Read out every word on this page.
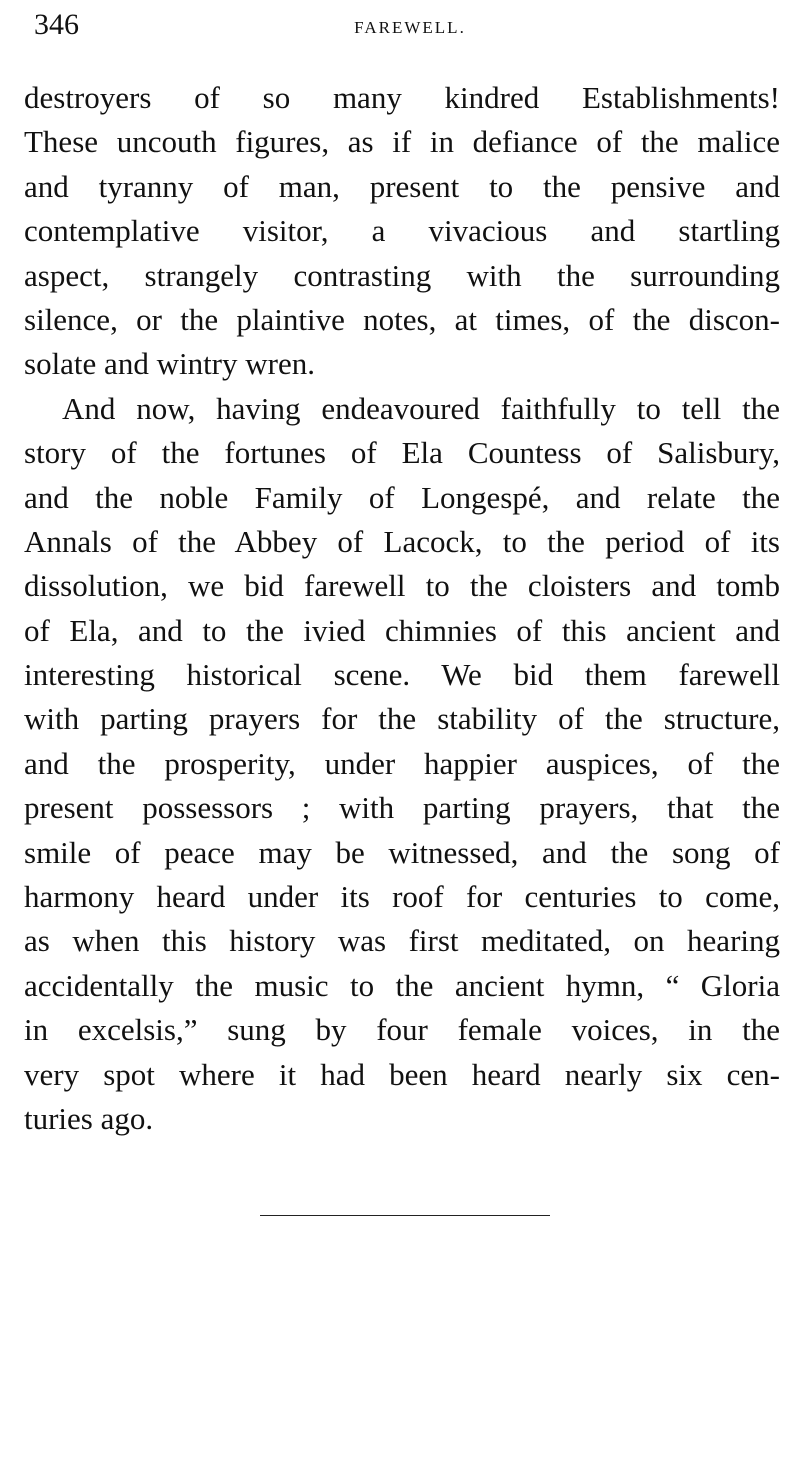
346	FAREWELL.
destroyers of so many kindred Establishments!
These uncouth figures, as if in defiance of the malice
and tyranny of man, present to the pensive and
contemplative visitor, a vivacious and startling
aspect, strangely contrasting with the surrounding
silence, or the plaintive notes, at times, of the discon-
solate and wintry wren.
And now, having endeavoured faithfully to tell the
story of the fortunes of Ela Countess of Salisbury,
and the noble Family of Longespé, and relate the
Annals of the Abbey of Lacock, to the period of its
dissolution, we bid farewell to the cloisters and tomb
of Ela, and to the ivied chimnies of this ancient and
interesting historical scene. We bid them farewell
with parting prayers for the stability of the structure,
and the prosperity, under happier auspices, of the
present possessors ; with parting prayers, that the
smile of peace may be witnessed, and the song of
harmony heard under its roof for centuries to come,
as when this history was first meditated, on hearing
accidentally the music to the ancient hymn, “ Gloria
in excelsis,” sung by four female voices, in the
very spot where it had been heard nearly six cen-
turies ago.
